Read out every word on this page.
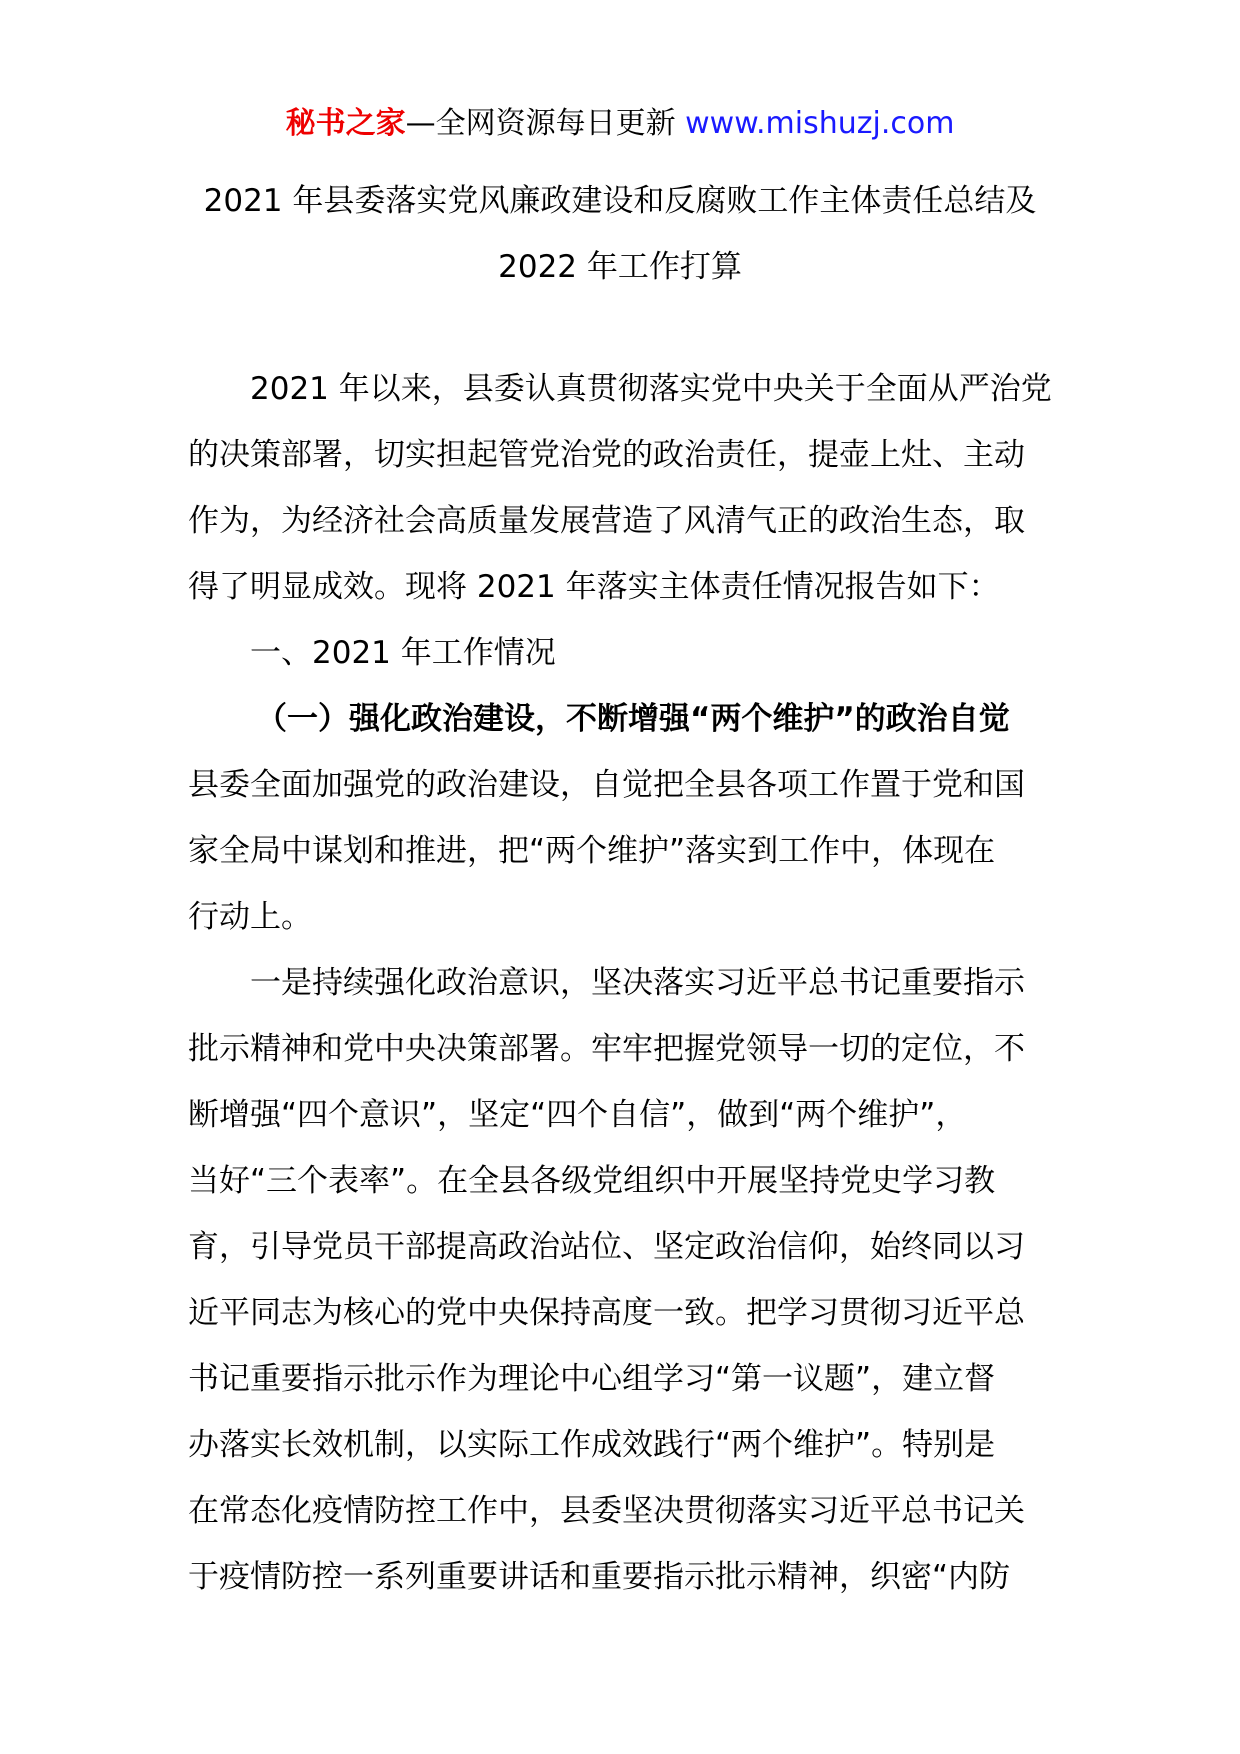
秘书之家—全网资源每日更新 www.mishuzj.com
2021 年县委落实党风廉政建设和反腐败工作主体责任总结及
2022 年工作打算
2021 年以来，县委认真贯彻落实党中央关于全面从严治党
的决策部署，切实担起管党治党的政治责任，提壶上灶、主动
作为，为经济社会高质量发展营造了风清气正的政治生态，取
得了明显成效。现将 2021 年落实主体责任情况报告如下：
一、2021 年工作情况
（一）强化政治建设，不断增强“两个维护”的政治自觉
县委全面加强党的政治建设，自觉把全县各项工作置于党和国
家全局中谋划和推进，把“两个维护”落实到工作中，体现在
行动上。
一是持续强化政治意识，坚决落实习近平总书记重要指示
批示精神和党中央决策部署。牢牢把握党领导一切的定位，不
断增强“四个意识”，坚定“四个自信”，做到“两个维护”，
当好“三个表率”。在全县各级党组织中开展坚持党史学习教
育，引导党员干部提高政治站位、坚定政治信仰，始终同以习
近平同志为核心的党中央保持高度一致。把学习贯彻习近平总
书记重要指示批示作为理论中心组学习“第一议题”，建立督
办落实长效机制，以实际工作成效践行“两个维护”。特别是
在常态化疫情防控工作中，县委坚决贯彻落实习近平总书记关
于疫情防控一系列重要讲话和重要指示批示精神，织密“内防
